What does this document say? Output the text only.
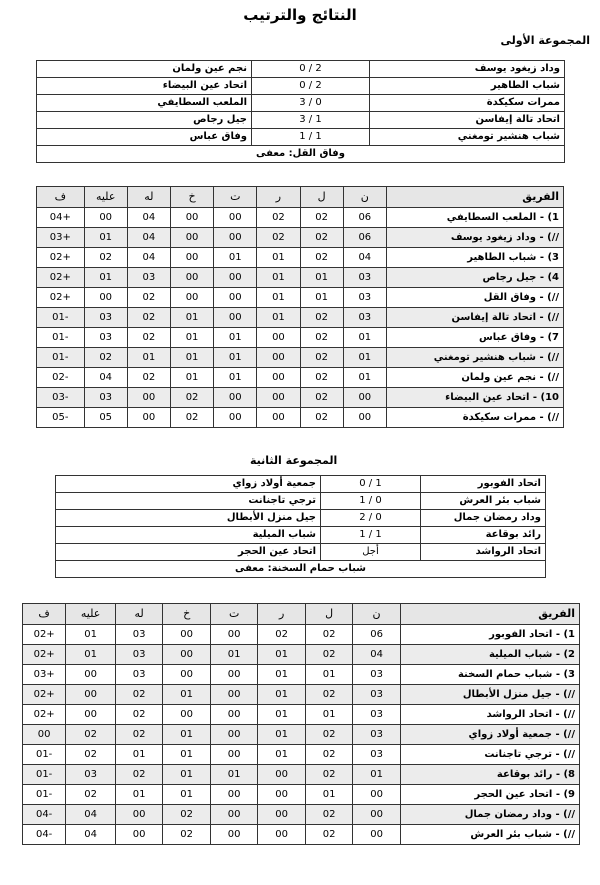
النتائج والترتيب
المجموعة الأولى
وداد زيغود يوسف	0 / 2	نجم عين ولمان
شباب الطاهير	0 / 2	اتحاد عين البيضاء
ممرات سكيكدة	3 / 0	الملعب السطايفي
اتحاد تالة إيفاسن	3 / 1	جيل رجاص
شباب هنشير تومغني	1 / 1	وفاق عباس
وفاق القل: معفى		
الفريق	ن	ل	ر	ت	خ	له	عليه	ف
1) - الملعب السطايفي	06	02	02	00	00	04	00	04+
//) - وداد زيغود يوسف	06	02	02	00	00	04	01	03+
3) - شباب الطاهير	04	02	01	01	00	04	02	02+
4) - جيل رجاص	03	01	01	00	00	03	01	02+
//) - وفاق القل	03	01	01	00	00	02	00	02+
//) - اتحاد تالة إيفاسن	03	02	01	00	01	02	03	01-
7) - وفاق عباس	01	02	00	01	01	02	03	01-
//) - شباب هنشير تومغني	01	02	00	01	01	01	02	01-
//) - نجم عين ولمان	01	02	00	01	01	02	04	02-
10) - اتحاد عين البيضاء	00	02	00	00	02	00	03	03-
//) - ممرات سكيكدة	00	02	00	00	02	00	05	05-
المجموعة الثانية
اتحاد الفوبور	0 / 1	جمعية أولاد زواي
شباب بئر العرش	1 / 0	ترجي تاجنانت
وداد رمضان جمال	2 / 0	جيل منزل الأبطال
رائد بوقاعة	1 / 1	شباب الميلية
اتحاد الرواشد	أجل	اتحاد عين الحجر
شباب حمام السخنة: معفى		
الفريق	ن	ل	ر	ت	خ	له	عليه	ف
1) - اتحاد الفوبور	06	02	02	00	00	03	01	02+
2) - شباب الميلية	04	02	01	01	00	03	01	02+
3) - شباب حمام السخنة	03	01	01	00	00	03	00	03+
//) - جيل منزل الأبطال	03	02	01	00	01	02	00	02+
//) - اتحاد الرواشد	03	01	01	00	00	02	00	02+
//) - جمعية أولاد زواي	03	02	01	00	01	02	02	00
//) - ترجي تاجنانت	03	02	01	00	01	01	02	01-
8) - رائد بوقاعة	01	02	00	01	01	02	03	01-
9) - اتحاد عين الحجر	00	01	00	00	01	01	02	01-
//) - وداد رمضان جمال	00	02	00	00	02	00	04	04-
//) - شباب بئر العرش	00	02	00	00	02	00	04	04-
